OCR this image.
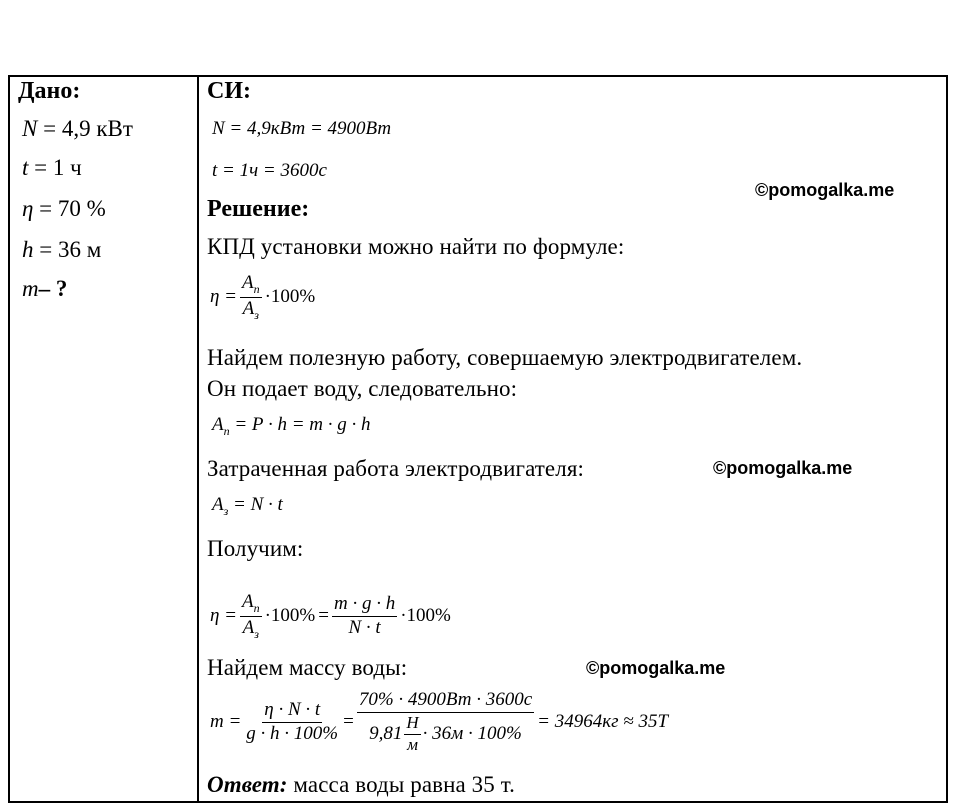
Дано:
N = 4,9 кВт
t = 1 ч
η = 70 %
h = 36 м
m– ?
СИ:
N = 4,9кВт = 4900Вт
t = 1ч = 3600с
©pomogalka.me
Решение:
КПД установки можно найти по формуле:
$\eta = \frac{A_п}{A_з} \cdot 100\%$
Найдем полезную работу, совершаемую электродвигателем.
Он подает воду, следовательно:
$A_п = P \cdot h = m \cdot g \cdot h$
Затраченная работа электродвигателя:	©pomogalka.me
$A_з = N \cdot t$
Получим:
$\eta = \frac{A_п}{A_з} \cdot 100\% = \frac{m \cdot g \cdot h}{N \cdot t} \cdot 100\%$
Найдем массу воды:	©pomogalka.me
$m = \frac{\eta \cdot N \cdot t}{g \cdot h \cdot 100\%} = \frac{70\% \cdot 4900Вт \cdot 3600с}{9,81 \frac{Н}{м} \cdot 36м \cdot 100\%} = 34964кг \approx 35Т$
Ответ: масса воды равна 35 т.
